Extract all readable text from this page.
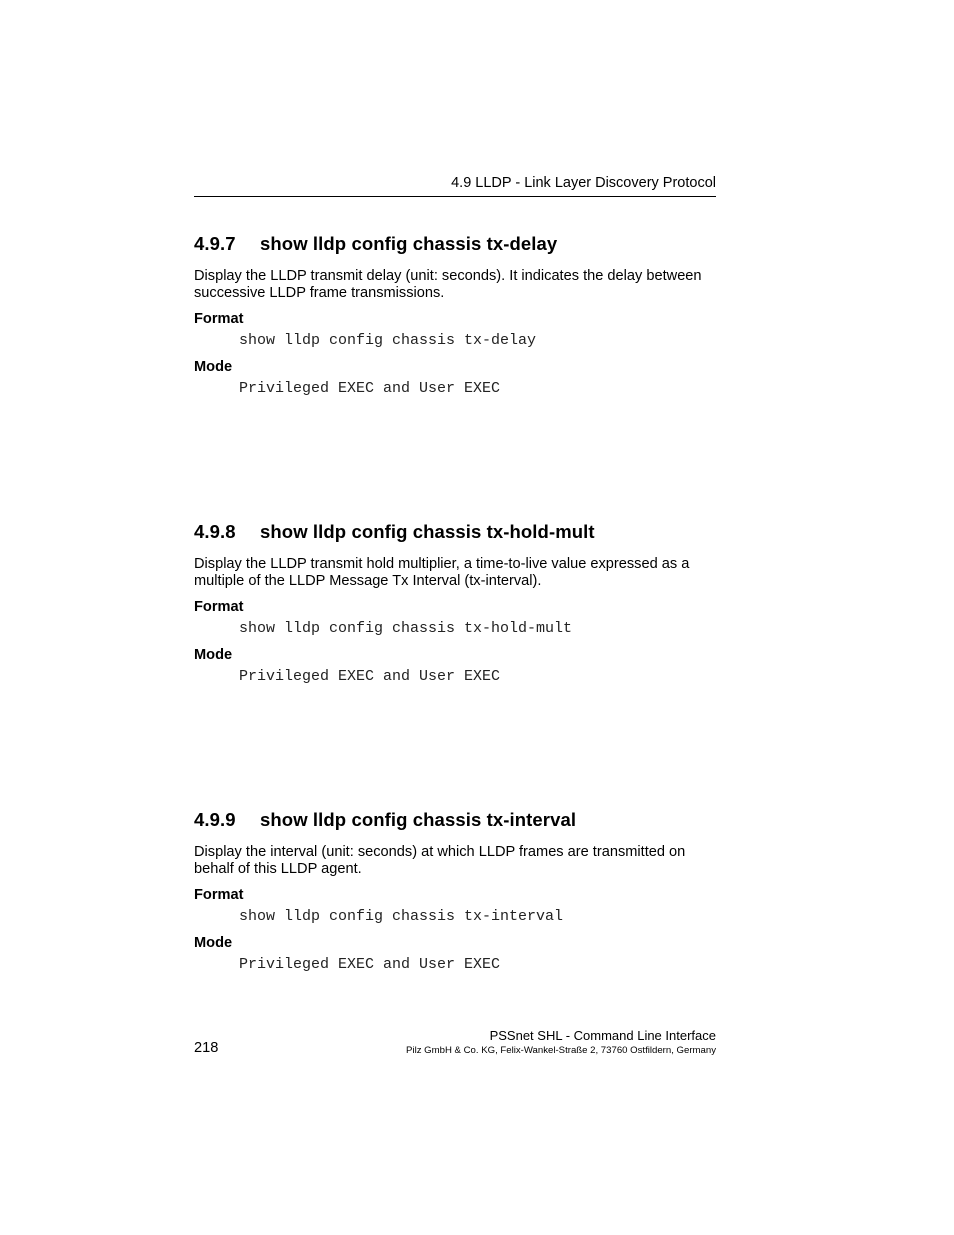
4.9 LLDP - Link Layer Discovery Protocol
4.9.7 show lldp config chassis tx-delay

Display the LLDP transmit delay (unit: seconds). It indicates the delay between successive LLDP frame transmissions.

Format

show lldp config chassis tx-delay

Mode

Privileged EXEC and User EXEC
4.9.8 show lldp config chassis tx-hold-mult

Display the LLDP transmit hold multiplier, a time-to-live value expressed as a multiple of the LLDP Message Tx Interval (tx-interval).

Format

show lldp config chassis tx-hold-mult

Mode

Privileged EXEC and User EXEC
4.9.9 show lldp config chassis tx-interval

Display the interval (unit: seconds) at which LLDP frames are transmitted on behalf of this LLDP agent.

Format

show lldp config chassis tx-interval

Mode

Privileged EXEC and User EXEC
218
PSSnet SHL - Command Line Interface
Pilz GmbH & Co. KG, Felix-Wankel-Straße 2, 73760 Ostfildern, Germany
